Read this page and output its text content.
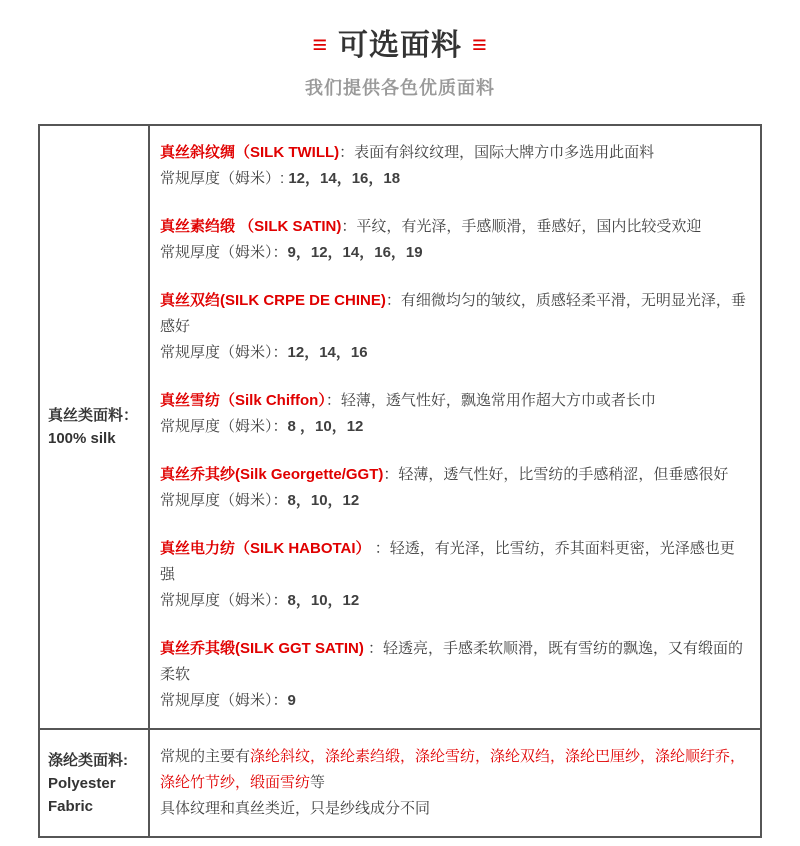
≡ 可选面料 ≡
我们提供各色优质面料
真丝类面料：
100% silk

真丝斜纹绸（SILK TWILL)：表面有斜纹纹理，国际大牌方巾多选用此面料

常规厚度（姆米）: 12，14，16，18

真丝素绉缎 （SILK SATIN)：平纹，有光泽，手感顺滑，垂感好，国内比较受欢迎

常规厚度（姆米）：9，12，14，16，19

真丝双绉(SILK CRPE DE CHINE)：有细微均匀的皱纹，质感轻柔平滑，无明显光泽，垂感好

常规厚度（姆米）：12，14，16

真丝雪纺（Silk Chiffon）：轻薄，透气性好，飘逸常用作超大方巾或者长巾

常规厚度（姆米）：8 ，10，12

真丝乔其纱(Silk Georgette/GGT)：轻薄，透气性好，比雪纺的手感稍涩，但垂感很好

常规厚度（姆米）：8，10，12

真丝电力纺（SILK HABOTAI） ：轻透，有光泽，比雪纺，乔其面料更密，光泽感也更强

常规厚度（姆米）：8，10，12

真丝乔其缎(SILK GGT SATIN) ：轻透亮，手感柔软顺滑，既有雪纺的飘逸，又有缎面的柔软

常规厚度（姆米）：9

涤纶类面料:
Polyester Fabric

常规的主要有涤纶斜纹，涤纶素绉缎，涤纶雪纺，涤纶双绉，涤纶巴厘纱，涤纶顺纡乔，涤纶竹节纱，缎面雪纺等

具体纹理和真丝类近，只是纱线成分不同
